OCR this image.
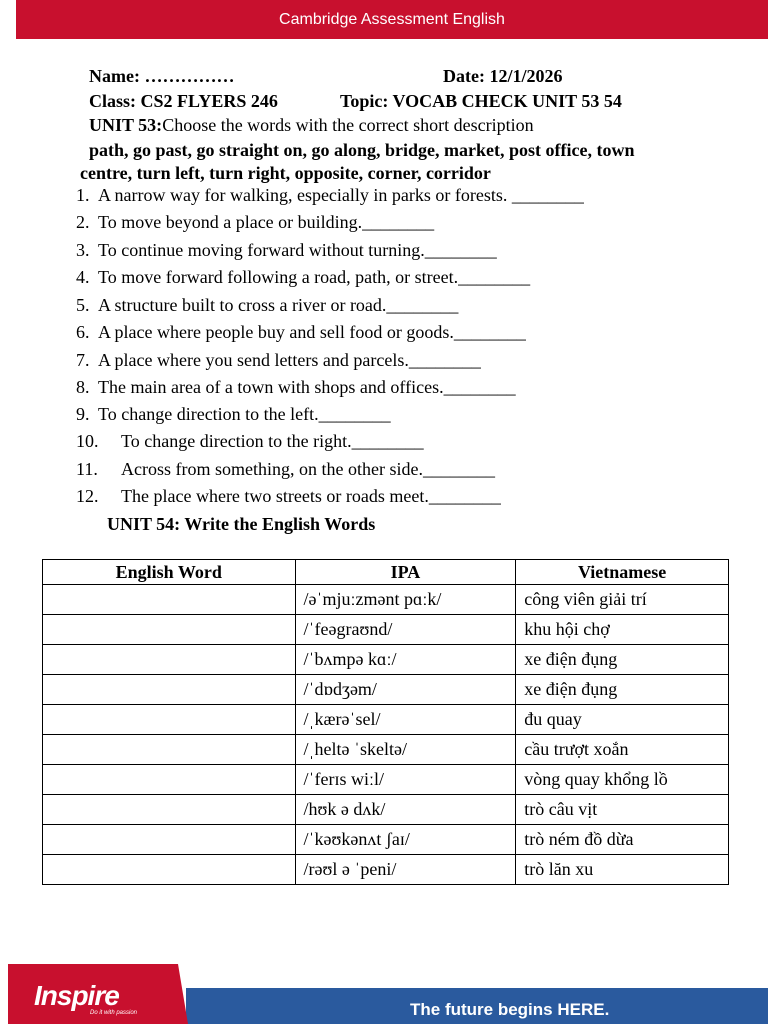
Cambridge Assessment English
Name: ……………	Date: 12/1/2026
Class: CS2 FLYERS 246	Topic: VOCAB CHECK UNIT 53 54
UNIT 53:Choose the words with the correct short description
path, go past, go straight on, go along, bridge, market, post office, town
centre, turn left, turn right, opposite, corner, corridor
1. A narrow way for walking, especially in parks or forests. ________
2. To move beyond a place or building.________
3. To continue moving forward without turning.________
4. To move forward following a road, path, or street.________
5. A structure built to cross a river or road.________
6. A place where people buy and sell food or goods.________
7. A place where you send letters and parcels.________
8. The main area of a town with shops and offices.________
9. To change direction to the left.________
10. To change direction to the right.________
11. Across from something, on the other side.________
12. The place where two streets or roads meet.________
UNIT 54: Write the English Words
English Word	IPA	Vietnamese
	/əˈmjuːzmənt pɑːk/	công viên giải trí
	/ˈfeəgraʊnd/	khu hội chợ
	/ˈbʌmpə kɑː/	xe điện đụng
	/ˈdɒdʒəm/	xe điện đụng
	/ˌkærəˈsel/	đu quay
	/ˌheltə ˈskeltə/	cầu trượt xoắn
	/ˈferɪs wiːl/	vòng quay khổng lồ
	/hʊk ə dʌk/	trò câu vịt
	/ˈkəʊkənʌt ʃaɪ/	trò ném đồ dừa
	/rəʊl ə ˈpeni/	trò lăn xu
Inspire
Do it with passion	The future begins HERE.
